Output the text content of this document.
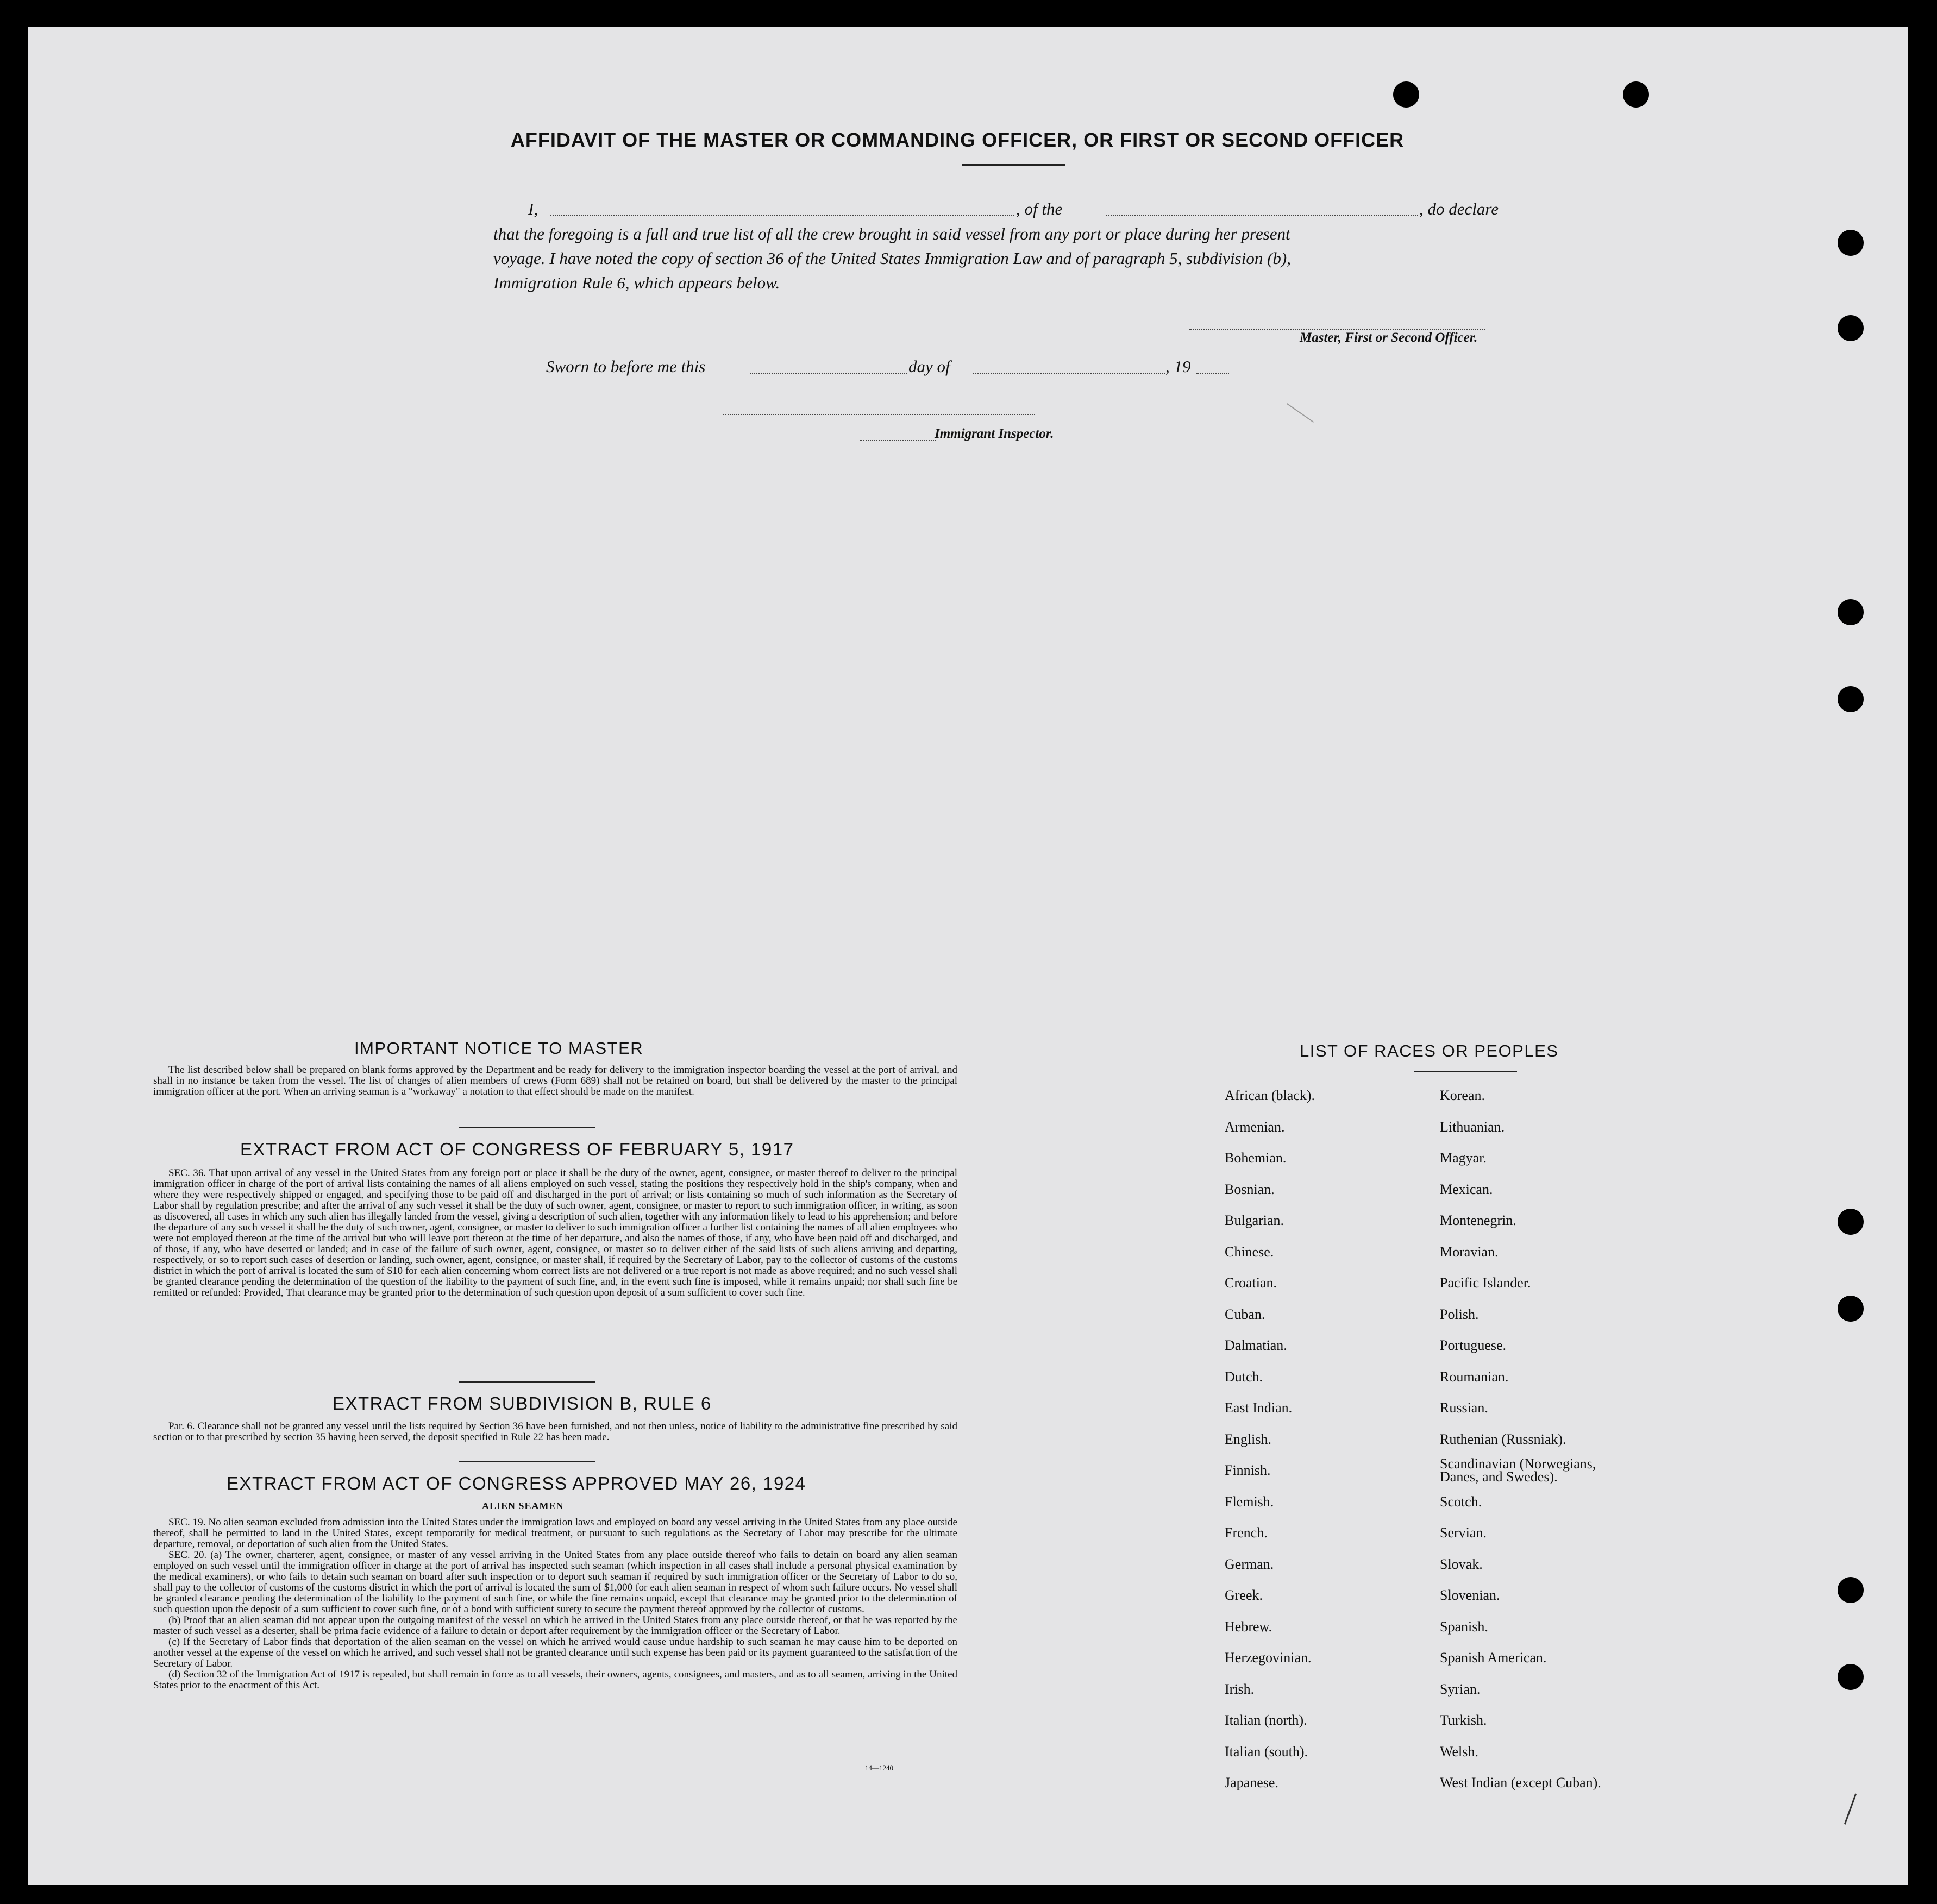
AFFIDAVIT OF THE MASTER OR COMMANDING OFFICER, OR FIRST OR SECOND OFFICER
I,	, of the	, do declare
that the foregoing is a full and true list of all the crew brought in said vessel from any port or place during her present
voyage. I have noted the copy of section 36 of the United States Immigration Law and of paragraph 5, subdivision (b),
Immigration Rule 6, which appears below.
Master, First or Second Officer.
Sworn to before me this	day of	, 19
Immigrant Inspector.
IMPORTANT NOTICE TO MASTER

The list described below shall be prepared on blank forms approved by the Department and be ready for delivery to the immigration inspector boarding the vessel at the port of arrival, and shall in no instance be taken from the vessel. The list of changes of alien members of crews (Form 689) shall not be retained on board, but shall be delivered by the master to the principal immigration officer at the port. When an arriving seaman is a "workaway" a notation to that effect should be made on the manifest.

EXTRACT FROM ACT OF CONGRESS OF FEBRUARY 5, 1917

SEC. 36. That upon arrival of any vessel in the United States from any foreign port or place it shall be the duty of the owner, agent, consignee, or master thereof to deliver to the principal immigration officer in charge of the port of arrival lists containing the names of all aliens employed on such vessel, stating the positions they respectively hold in the ship's company, when and where they were respectively shipped or engaged, and specifying those to be paid off and discharged in the port of arrival; or lists containing so much of such information as the Secretary of Labor shall by regulation prescribe; and after the arrival of any such vessel it shall be the duty of such owner, agent, consignee, or master to report to such immigration officer, in writing, as soon as discovered, all cases in which any such alien has illegally landed from the vessel, giving a description of such alien, together with any information likely to lead to his apprehension; and before the departure of any such vessel it shall be the duty of such owner, agent, consignee, or master to deliver to such immigration officer a further list containing the names of all alien employees who were not employed thereon at the time of the arrival but who will leave port thereon at the time of her departure, and also the names of those, if any, who have been paid off and discharged, and of those, if any, who have deserted or landed; and in case of the failure of such owner, agent, consignee, or master so to deliver either of the said lists of such aliens arriving and departing, respectively, or so to report such cases of desertion or landing, such owner, agent, consignee, or master shall, if required by the Secretary of Labor, pay to the collector of customs of the customs district in which the port of arrival is located the sum of $10 for each alien concerning whom correct lists are not delivered or a true report is not made as above required; and no such vessel shall be granted clearance pending the determination of the question of the liability to the payment of such fine, and, in the event such fine is imposed, while it remains unpaid; nor shall such fine be remitted or refunded: Provided, That clearance may be granted prior to the determination of such question upon deposit of a sum sufficient to cover such fine.

EXTRACT FROM SUBDIVISION B, RULE 6

Par. 6. Clearance shall not be granted any vessel until the lists required by Section 36 have been furnished, and not then unless, notice of liability to the administrative fine prescribed by said section or to that prescribed by section 35 having been served, the deposit specified in Rule 22 has been made.

EXTRACT FROM ACT OF CONGRESS APPROVED MAY 26, 1924
ALIEN SEAMEN

SEC. 19. No alien seaman excluded from admission into the United States under the immigration laws and employed on board any vessel arriving in the United States from any place outside thereof, shall be permitted to land in the United States, except temporarily for medical treatment, or pursuant to such regulations as the Secretary of Labor may prescribe for the ultimate departure, removal, or deportation of such alien from the United States.

SEC. 20. (a) The owner, charterer, agent, consignee, or master of any vessel arriving in the United States from any place outside thereof who fails to detain on board any alien seaman employed on such vessel until the immigration officer in charge at the port of arrival has inspected such seaman (which inspection in all cases shall include a personal physical examination by the medical examiners), or who fails to detain such seaman on board after such inspection or to deport such seaman if required by such immigration officer or the Secretary of Labor to do so, shall pay to the collector of customs of the customs district in which the port of arrival is located the sum of $1,000 for each alien seaman in respect of whom such failure occurs. No vessel shall be granted clearance pending the determination of the liability to the payment of such fine, or while the fine remains unpaid, except that clearance may be granted prior to the determination of such question upon the deposit of a sum sufficient to cover such fine, or of a bond with sufficient surety to secure the payment thereof approved by the collector of customs.

(b) Proof that an alien seaman did not appear upon the outgoing manifest of the vessel on which he arrived in the United States from any place outside thereof, or that he was reported by the master of such vessel as a deserter, shall be prima facie evidence of a failure to detain or deport after requirement by the immigration officer or the Secretary of Labor.

(c) If the Secretary of Labor finds that deportation of the alien seaman on the vessel on which he arrived would cause undue hardship to such seaman he may cause him to be deported on another vessel at the expense of the vessel on which he arrived, and such vessel shall not be granted clearance until such expense has been paid or its payment guaranteed to the satisfaction of the Secretary of Labor.

(d) Section 32 of the Immigration Act of 1917 is repealed, but shall remain in force as to all vessels, their owners, agents, consignees, and masters, and as to all seamen, arriving in the United States prior to the enactment of this Act.

14—1240
LIST OF RACES OR PEOPLES
African (black).
Armenian.
Bohemian.
Bosnian.
Bulgarian.
Chinese.
Croatian.
Cuban.
Dalmatian.
Dutch.
East Indian.
English.
Finnish.
Flemish.
French.
German.
Greek.
Hebrew.
Herzegovinian.
Irish.
Italian (north).
Italian (south).
Japanese.
Korean.
Lithuanian.
Magyar.
Mexican.
Montenegrin.
Moravian.
Pacific Islander.
Polish.
Portuguese.
Roumanian.
Russian.
Ruthenian (Russniak).
Scandinavian (Norwegians, Danes, and Swedes).
Scotch.
Servian.
Slovak.
Slovenian.
Spanish.
Spanish American.
Syrian.
Turkish.
Welsh.
West Indian (except Cuban).
